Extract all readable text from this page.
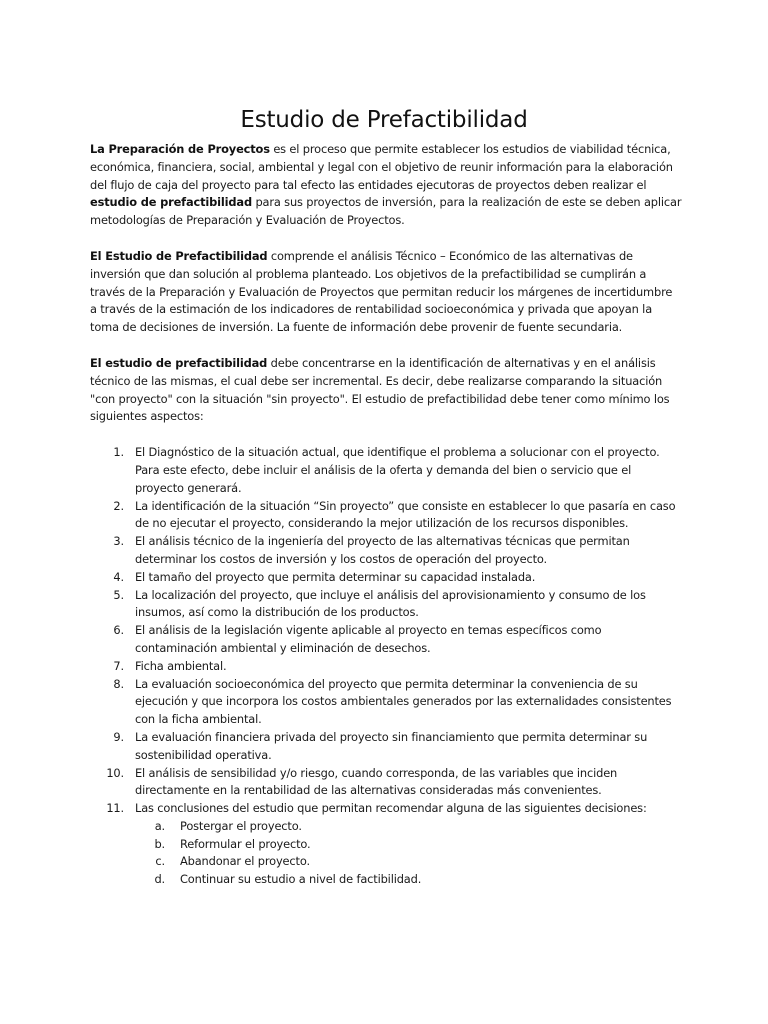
Estudio de Prefactibilidad

La Preparación de Proyectos es el proceso que permite establecer los estudios de viabilidad técnica, económica, financiera, social, ambiental y legal con el objetivo de reunir información para la elaboración del flujo de caja del proyecto para tal efecto las entidades ejecutoras de proyectos deben realizar el estudio de prefactibilidad para sus proyectos de inversión, para la realización de este se deben aplicar metodologías de Preparación y Evaluación de Proyectos.

El Estudio de Prefactibilidad comprende el análisis Técnico – Económico de las alternativas de inversión que dan solución al problema planteado. Los objetivos de la prefactibilidad se cumplirán a través de la Preparación y Evaluación de Proyectos que permitan reducir los márgenes de incertidumbre a través de la estimación de los indicadores de rentabilidad socioeconómica y privada que apoyan la toma de decisiones de inversión. La fuente de información debe provenir de fuente secundaria.

El estudio de prefactibilidad debe concentrarse en la identificación de alternativas y en el análisis técnico de las mismas, el cual debe ser incremental. Es decir, debe realizarse comparando la situación "con proyecto" con la situación "sin proyecto". El estudio de prefactibilidad debe tener como mínimo los siguientes aspectos:

1. El Diagnóstico de la situación actual, que identifique el problema a solucionar con el proyecto. Para este efecto, debe incluir el análisis de la oferta y demanda del bien o servicio que el proyecto generará.
2. La identificación de la situación “Sin proyecto” que consiste en establecer lo que pasaría en caso de no ejecutar el proyecto, considerando la mejor utilización de los recursos disponibles.
3. El análisis técnico de la ingeniería del proyecto de las alternativas técnicas que permitan determinar los costos de inversión y los costos de operación del proyecto.
4. El tamaño del proyecto que permita determinar su capacidad instalada.
5. La localización del proyecto, que incluye el análisis del aprovisionamiento y consumo de los insumos, así como la distribución de los productos.
6. El análisis de la legislación vigente aplicable al proyecto en temas específicos como contaminación ambiental y eliminación de desechos.
7. Ficha ambiental.
8. La evaluación socioeconómica del proyecto que permita determinar la conveniencia de su ejecución y que incorpora los costos ambientales generados por las externalidades consistentes con la ficha ambiental.
9. La evaluación financiera privada del proyecto sin financiamiento que permita determinar su sostenibilidad operativa.
10. El análisis de sensibilidad y/o riesgo, cuando corresponda, de las variables que inciden directamente en la rentabilidad de las alternativas consideradas más convenientes.
11. Las conclusiones del estudio que permitan recomendar alguna de las siguientes decisiones:
a. Postergar el proyecto.
b. Reformular el proyecto.
c. Abandonar el proyecto.
d. Continuar su estudio a nivel de factibilidad.
